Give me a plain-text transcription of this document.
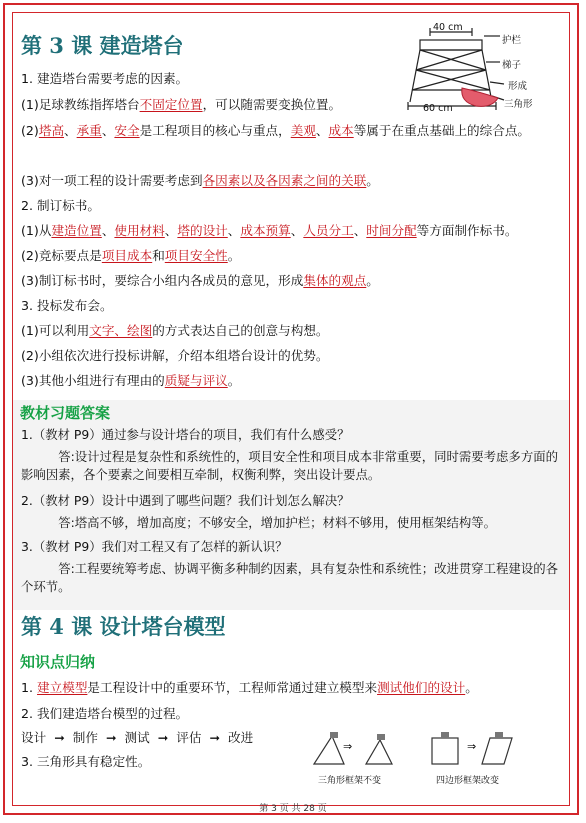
第 3 课 建造塔台
40 cm
60 cm
护栏
梯子
形成
三角形
1. 建造塔台需要考虑的因素。
(1)足球教练指挥塔台不固定位置，可以随需要变换位置。
(2)塔高、承重、安全是工程项目的核心与重点，美观、成本等属于在重点基础上的综合点。
(3)对一项工程的设计需要考虑到各因素以及各因素之间的关联。
2. 制订标书。
(1)从建造位置、使用材料、塔的设计、成本预算、人员分工、时间分配等方面制作标书。
(2)竞标要点是项目成本和项目安全性。
(3)制订标书时，要综合小组内各成员的意见，形成集体的观点。
3. 投标发布会。
(1)可以利用文字、绘图的方式表达自己的创意与构想。
(2)小组依次进行投标讲解，介绍本组塔台设计的优势。
(3)其他小组进行有理由的质疑与评议。
教材习题答案
1.（教材 P9）通过参与设计塔台的项目，我们有什么感受？
答:设计过程是复杂性和系统性的，项目安全性和项目成本非常重要，同时需要考虑多方面的影响因素，各个要素之间要相互牵制，权衡利弊，突出设计要点。
2.（教材 P9）设计中遇到了哪些问题？我们计划怎么解决？
答:塔高不够，增加高度；不够安全，增加护栏；材料不够用，使用框架结构等。
3.（教材 P9）我们对工程又有了怎样的新认识？
答:工程要统筹考虑、协调平衡多种制约因素，具有复杂性和系统性；改进贯穿工程建设的各个环节。
第 4 课 设计塔台模型
知识点归纳
1. 建立模型是工程设计中的重要环节，工程师常通过建立模型来测试他们的设计。
2. 我们建造塔台模型的过程。
设计 ➞ 制作 ➞ 测试 ➞ 评估 ➞ 改进
3. 三角形具有稳定性。
⇒
三角形框架不变
⇒
四边形框架改变
第 3 页 共 28 页
